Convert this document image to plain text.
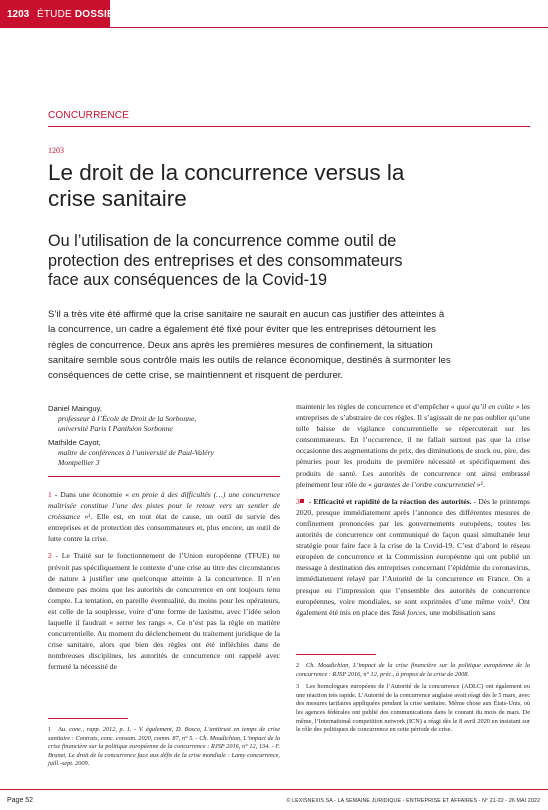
1203 ÉTUDE DOSSIER
CONCURRENCE
1203
Le droit de la concurrence versus la
crise sanitaire
Ou l’utilisation de la concurrence comme outil de
protection des entreprises et des consommateurs
face aux conséquences de la Covid-19
S’il a très vite été affirmé que la crise sanitaire ne saurait en aucun cas justifier des atteintes à
la concurrence, un cadre a également été fixé pour éviter que les entreprises détournent les
règles de concurrence. Deux ans après les premières mesures de confinement, la situation
sanitaire semble sous contrôle mais les outils de relance économique, destinés à surmonter les
conséquences de cette crise, se maintiennent et risquent de perdurer.
Daniel Mainguy,
professeur à l’École de Droit de la Sorbonne,
université Paris I Panthéon Sorbonne
Mathilde Cayot,
maître de conférences à l’université de Paul-Valéry
Montpellier 3

1 - Dans une économie « en proie à des difficultés (…) une concurrence maîtrisée constitue l’une des pistes pour le retour vers un sentier de croissance »¹. Elle est, en tout état de cause, un outil de survie des entreprises et de protection des consommateurs et, plus encore, un outil de lutte contre la crise.

2 - Le Traité sur le fonctionnement de l’Union européenne (TFUE) ne prévoit pas spécifiquement le contexte d’une crise au titre des circonstances de nature à justifier une quelconque atteinte à la concurrence. Il n’en demeure pas moins que les autorités de concurrence en ont toujours tenu compte. La tentation, en pareille éventualité, du moins pour les opérateurs, est celle de la souplesse, voire d’une forme de laxisme, avec l’idée selon laquelle il faudrait « serrer les rangs ». Ce n’est pas la règle en matière concurrentielle. Au moment du déclenchement du traitement juridique de la crise sanitaire, alors que bien des règles ont été infléchies dans de nombreuses disciplines, les autorités de concurrence ont rappelé avec fermeté la nécessité de

1 Au. conc., rapp. 2012, p. 1. - V. également, D. Bosco, L’antitrust en temps de crise sanitaire : Contrats, conc. consom. 2020, comm. 87, n° 5. - Ch. Moudichian, L’impact de la crise financière sur la politique européenne de la concurrence : RJSP 2016, n° 12, 134. - F. Brunet, Le droit de la concurrence face aux défis de la crise mondiale : Lamy concurrence, juill.-sept. 2009.

maintenir les règles de concurrence et d’empêcher « quoi qu’il en coûte » les entreprises de s’abstraire de ces règles. Il s’agissait de ne pas oublier qu’une telle baisse de vigilance concurrentielle se répercuterait sur les consommateurs. En l’occurrence, il ne fallait surtout pas que la crise occasionne des augmentations de prix, des diminutions de stock ou, pire, des pénuries pour les produits de première nécessité et spécifiquement des produits de santé. Les autorités de concurrence ont ainsi embrassé pleinement leur rôle de « garantes de l’ordre concurrentiel »².

3 - Efficacité et rapidité de la réaction des autorités. - Dès le printemps 2020, presque immédiatement après l’annonce des différentes mesures de confinement prononcées par les gouvernements européens, toutes les autorités de concurrence ont communiqué de façon quasi simultanée leur stratégie pour faire face à la crise de la Covid-19. C’est d’abord le réseau européen de concurrence et la Commission européenne qui ont publié un message à destination des entreprises concernant l’épidémie du coronavirus, immédiatement relayé par l’Autorité de la concurrence en France. On a presque eu l’impression que l’ensemble des autorités de concurrence européennes, voire mondiales, se sont exprimées d’une même voix³. Ont également été mis en place des Task forces, une mobilisation sans

2 Ch. Moudichian, L’impact de la crise financière sur la politique européenne de la concurrence : RJSP 2016, n° 12, préc., à propos de la crise de 2008.

3 Les homologues européens de l’Autorité de la concurrence (ADLC) ont également eu une réaction très rapide. L’Autorité de la concurrence anglaise avait réagi dès le 5 mars, avec des mesures tarifaires appliquées pendant la crise sanitaire. Même chose aux États-Unis, où les agences fédérales ont publié des communications dans le courant du mois de mars. De même, l’International competition network (ICN) a réagi dès le 8 avril 2020 en insistant sur le rôle des politiques de concurrence en cette période de crise.

Page 52	© LEXISNEXIS SA - LA SEMAINE JURIDIQUE - ENTREPRISE ET AFFAIRES - N° 21-22 - 26 MAI 2022
